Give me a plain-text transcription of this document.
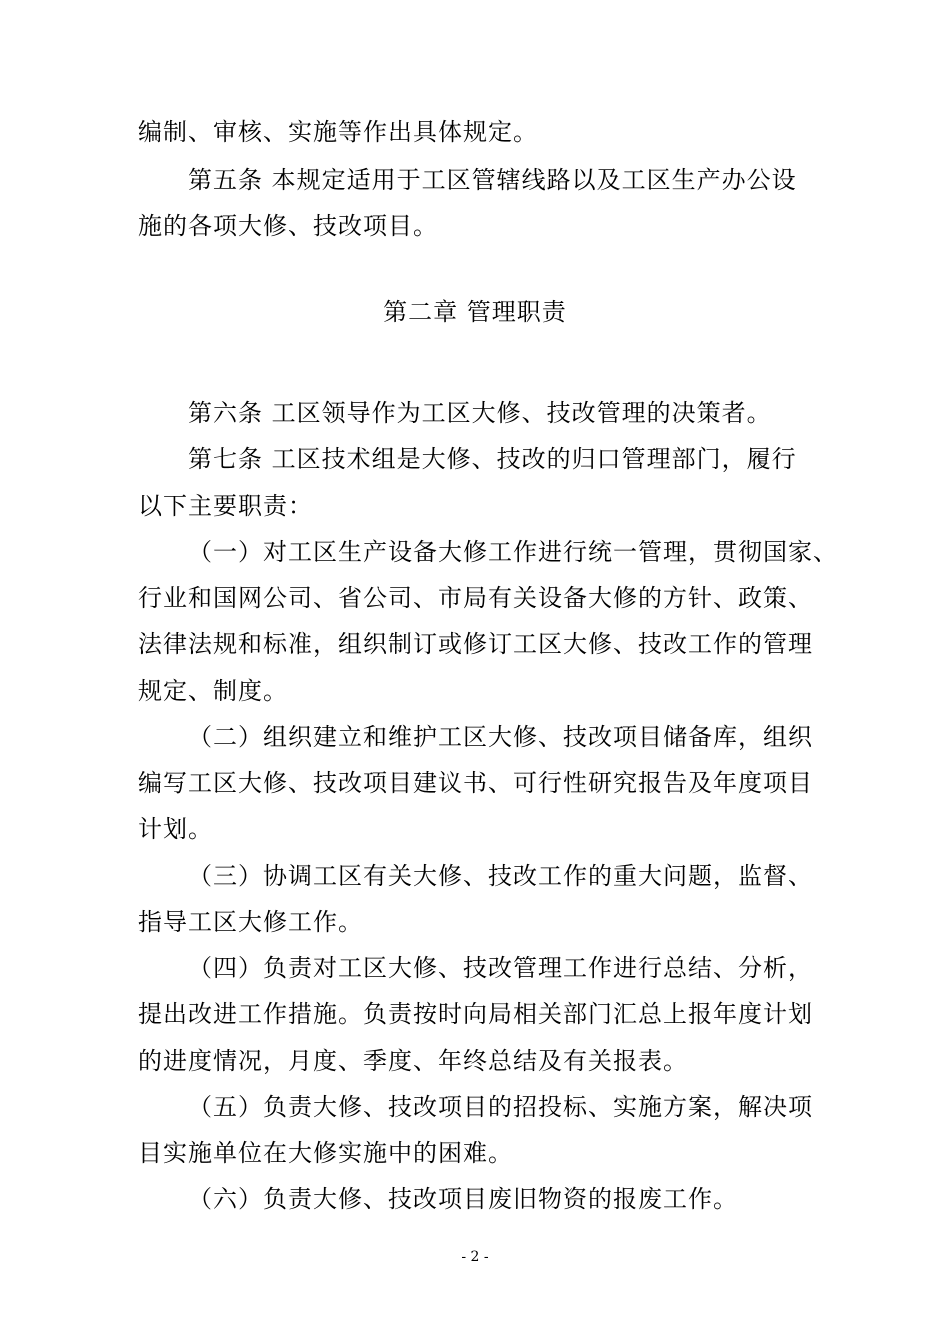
编制、审核、实施等作出具体规定。
第五条 本规定适用于工区管辖线路以及工区生产办公设
施的各项大修、技改项目。
第二章 管理职责
第六条 工区领导作为工区大修、技改管理的决策者。
第七条 工区技术组是大修、技改的归口管理部门，履行
以下主要职责：
（一）对工区生产设备大修工作进行统一管理，贯彻国家、
行业和国网公司、省公司、市局有关设备大修的方针、政策、
法律法规和标准，组织制订或修订工区大修、技改工作的管理
规定、制度。
（二）组织建立和维护工区大修、技改项目储备库，组织
编写工区大修、技改项目建议书、可行性研究报告及年度项目
计划。
（三）协调工区有关大修、技改工作的重大问题，监督、
指导工区大修工作。
（四）负责对工区大修、技改管理工作进行总结、分析，
提出改进工作措施。负责按时向局相关部门汇总上报年度计划
的进度情况，月度、季度、年终总结及有关报表。
（五）负责大修、技改项目的招投标、实施方案，解决项
目实施单位在大修实施中的困难。
（六）负责大修、技改项目废旧物资的报废工作。
- 2 -
